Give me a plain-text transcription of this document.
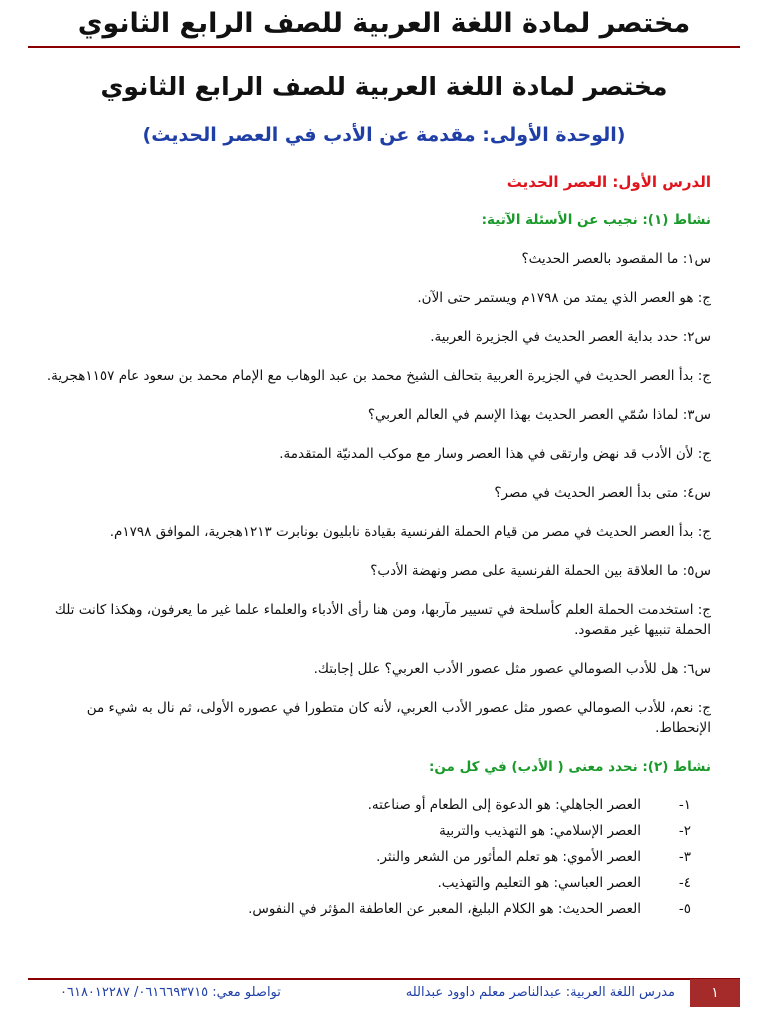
مختصر لمادة اللغة العربية للصف الرابع الثانوي
مختصر لمادة اللغة العربية للصف الرابع الثانوي
(الوحدة الأولى: مقدمة عن الأدب في العصر الحديث)
الدرس الأول: العصر الحديث
نشاط (١): نجيب عن الأسئلة الآتية:

س١: ما المقصود بالعصر الحديث؟

ج: هو العصر الذي يمتد من ١٧٩٨م ويستمر حتى الآن.

س٢: حدد بداية العصر الحديث في الجزيرة العربية.

ج: بدأ العصر الحديث في الجزيرة العربية بتحالف الشيخ محمد بن عبد الوهاب مع الإمام محمد بن سعود عام ١١٥٧هجرية.

س٣: لماذا سُمّي العصر الحديث بهذا الإسم في العالم العربي؟

ج: لأن الأدب قد نهض وارتقى في هذا العصر وسار مع موكب المدنيّة المتقدمة.

س٤: متى بدأ العصر الحديث في مصر؟

ج: بدأ العصر الحديث في مصر من قيام الحملة الفرنسية بقيادة نابليون بونابرت ١٢١٣هجرية، الموافق ١٧٩٨م.

س٥: ما العلاقة بين الحملة الفرنسية على مصر ونهضة الأدب؟

ج: استخدمت الحملة العلم كأسلحة في تسيير مآربها، ومن هنا رأى الأدباء والعلماء علما غير ما يعرفون، وهكذا كانت تلك الحملة تنبيها غير مقصود.

س٦: هل للأدب الصومالي عصور مثل عصور الأدب العربي؟ علل إجابتك.

ج: نعم، للأدب الصومالي عصور مثل عصور الأدب العربي، لأنه كان متطورا في عصوره الأولى، ثم نال به شيء من الإنحطاط.

نشاط (٢): نحدد معنى ( الأدب) في كل من:
١-
العصر الجاهلي: هو الدعوة إلى الطعام أو صناعته.
٢-
العصر الإسلامي: هو التهذيب والتربية
٣-
العصر الأموي: هو تعلم المأثور من الشعر والنثر.
٤-
العصر العباسي: هو التعليم والتهذيب.
٥-
العصر الحديث: هو الكلام البليغ، المعبر عن العاطفة المؤثر في النفوس.
١
مدرس اللغة العربية: عبدالناصر معلم داوود عبدالله
تواصلو معي: ٠٦١٦٦٩٣٧١٥/ ٠٦١٨٠١٢٢٨٧
